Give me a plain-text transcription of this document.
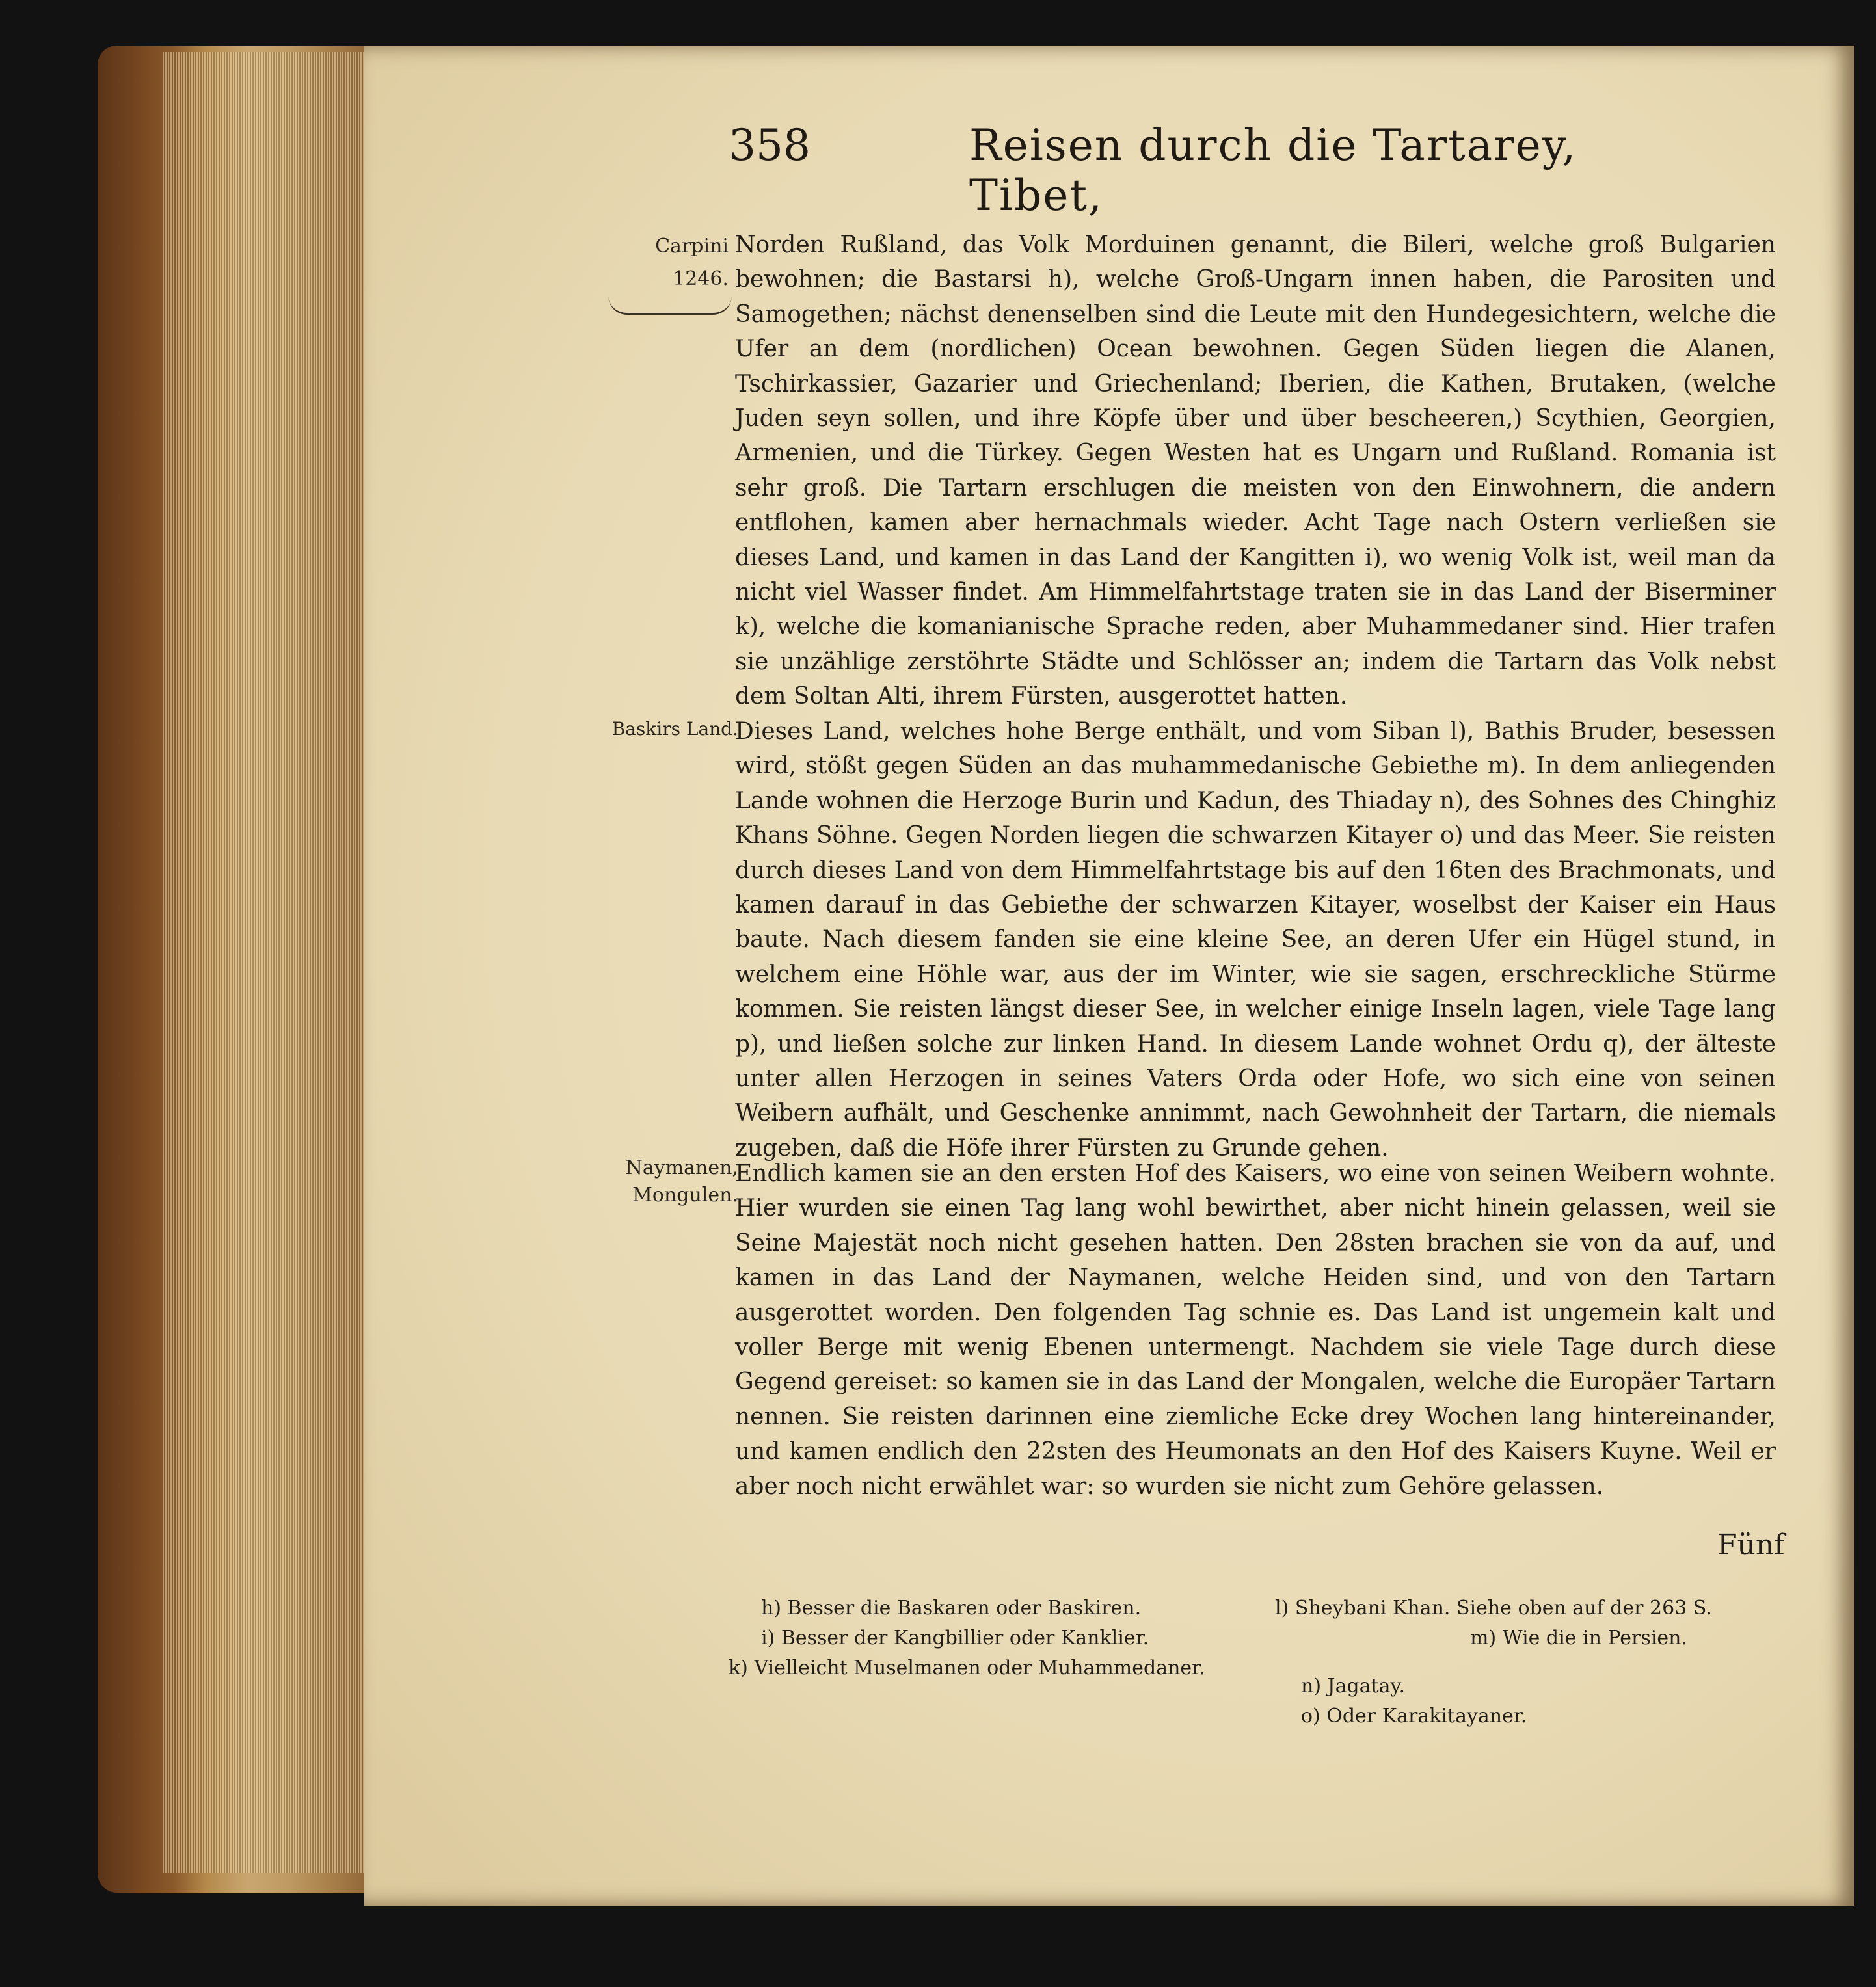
358	Reisen durch die Tartarey, Tibet,
Carpini
1246.
Baskirs Land.
Naymanen,
Mongulen.
Norden Rußland, das Volk Morduinen genannt, die Bileri, welche groß Bulgarien bewohnen; die Bastarsi h), welche Groß-Ungarn innen haben, die Parositen und Samogethen; nächst denenselben sind die Leute mit den Hundegesichtern, welche die Ufer an dem (nordlichen) Ocean bewohnen. Gegen Süden liegen die Alanen, Tschirkassier, Gazarier und Griechenland; Iberien, die Kathen, Brutaken, (welche Juden seyn sollen, und ihre Köpfe über und über bescheeren,) Scythien, Georgien, Armenien, und die Türkey. Gegen Westen hat es Ungarn und Rußland. Romania ist sehr groß. Die Tartarn erschlugen die meisten von den Einwohnern, die andern entflohen, kamen aber hernachmals wieder. Acht Tage nach Ostern verließen sie dieses Land, und kamen in das Land der Kangitten i), wo wenig Volk ist, weil man da nicht viel Wasser findet. Am Himmelfahrtstage traten sie in das Land der Biserminer k), welche die komanianische Sprache reden, aber Muhammedaner sind. Hier trafen sie unzählige zerstöhrte Städte und Schlösser an; indem die Tartarn das Volk nebst dem Soltan Alti, ihrem Fürsten, ausgerottet hatten.
Dieses Land, welches hohe Berge enthält, und vom Siban l), Bathis Bruder, besessen wird, stößt gegen Süden an das muhammedanische Gebiethe m). In dem anliegenden Lande wohnen die Herzoge Burin und Kadun, des Thiaday n), des Sohnes des Chinghiz Khans Söhne. Gegen Norden liegen die schwarzen Kitayer o) und das Meer. Sie reisten durch dieses Land von dem Himmelfahrtstage bis auf den 16ten des Brachmonats, und kamen darauf in das Gebiethe der schwarzen Kitayer, woselbst der Kaiser ein Haus baute. Nach diesem fanden sie eine kleine See, an deren Ufer ein Hügel stund, in welchem eine Höhle war, aus der im Winter, wie sie sagen, erschreckliche Stürme kommen. Sie reisten längst dieser See, in welcher einige Inseln lagen, viele Tage lang p), und ließen solche zur linken Hand. In diesem Lande wohnet Ordu q), der älteste unter allen Herzogen in seines Vaters Orda oder Hofe, wo sich eine von seinen Weibern aufhält, und Geschenke annimmt, nach Gewohnheit der Tartarn, die niemals zugeben, daß die Höfe ihrer Fürsten zu Grunde gehen.
Endlich kamen sie an den ersten Hof des Kaisers, wo eine von seinen Weibern wohnte. Hier wurden sie einen Tag lang wohl bewirthet, aber nicht hinein gelassen, weil sie Seine Majestät noch nicht gesehen hatten. Den 28sten brachen sie von da auf, und kamen in das Land der Naymanen, welche Heiden sind, und von den Tartarn ausgerottet worden. Den folgenden Tag schnie es. Das Land ist ungemein kalt und voller Berge mit wenig Ebenen untermengt. Nachdem sie viele Tage durch diese Gegend gereiset: so kamen sie in das Land der Mongalen, welche die Europäer Tartarn nennen. Sie reisten darinnen eine ziemliche Ecke drey Wochen lang hintereinander, und kamen endlich den 22sten des Heumonats an den Hof des Kaisers Kuyne. Weil er aber noch nicht erwählet war: so wurden sie nicht zum Gehöre gelassen.
Fünf
h) Besser die Baskaren oder Baskiren.
i) Besser der Kangbillier oder Kanklier.
k) Vielleicht Muselmanen oder Muhammedaner.
l) Sheybani Khan. Siehe oben auf der 263 S.
m) Wie die in Persien.
n) Jagatay.
o) Oder Karakitayaner.
